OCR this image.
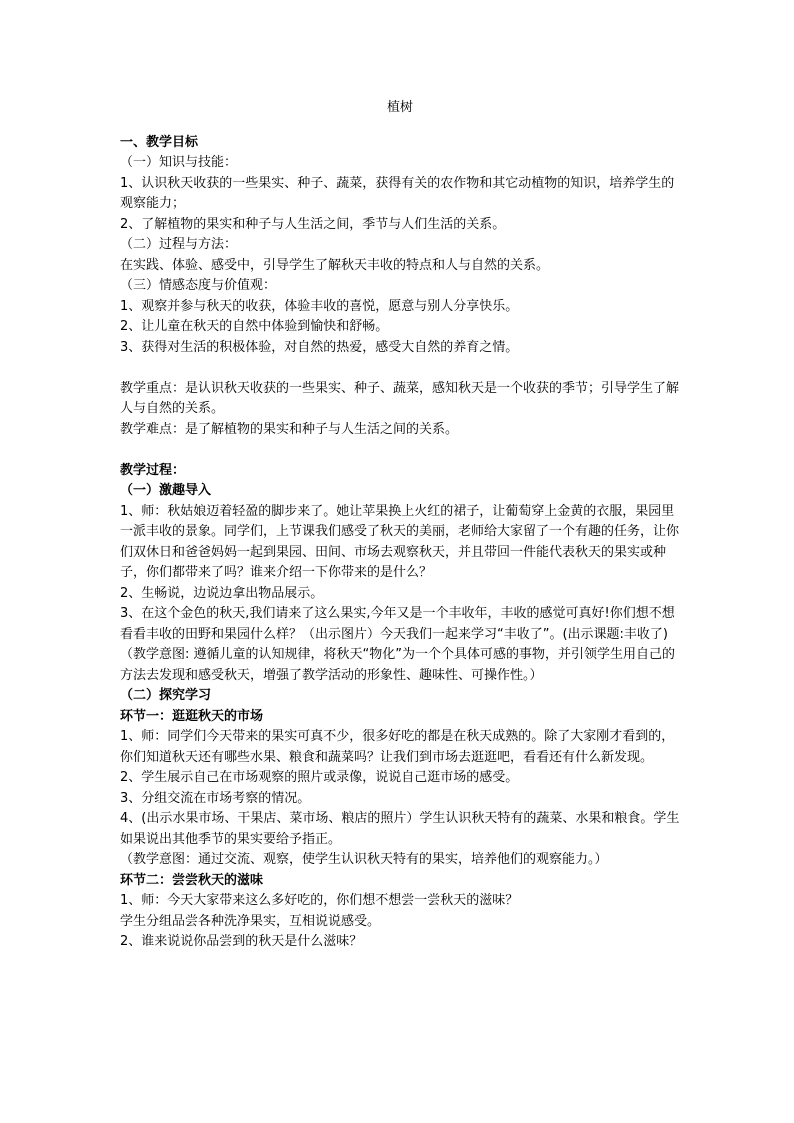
植树

一、教学目标

（一）知识与技能：

1、认识秋天收获的一些果实、种子、蔬菜，获得有关的农作物和其它动植物的知识，培养学生的观察能力；

2、了解植物的果实和种子与人生活之间，季节与人们生活的关系。

（二）过程与方法：

在实践、体验、感受中，引导学生了解秋天丰收的特点和人与自然的关系。

（三）情感态度与价值观：

1、观察并参与秋天的收获，体验丰收的喜悦，愿意与别人分享快乐。

2、让儿童在秋天的自然中体验到愉快和舒畅。

3、获得对生活的积极体验，对自然的热爱，感受大自然的养育之情。

教学重点：是认识秋天收获的一些果实、种子、蔬菜，感知秋天是一个收获的季节；引导学生了解人与自然的关系。

教学难点：是了解植物的果实和种子与人生活之间的关系。

教学过程：

（一）激趣导入

1、师：秋姑娘迈着轻盈的脚步来了。她让苹果换上火红的裙子，让葡萄穿上金黄的衣服，果园里一派丰收的景象。同学们，上节课我们感受了秋天的美丽，老师给大家留了一个有趣的任务，让你们双休日和爸爸妈妈一起到果园、田间、市场去观察秋天，并且带回一件能代表秋天的果实或种子，你们都带来了吗？谁来介绍一下你带来的是什么？

2、生畅说，边说边拿出物品展示。

3、在这个金色的秋天,我们请来了这么果实,今年又是一个丰收年，丰收的感觉可真好!你们想不想看看丰收的田野和果园什么样？（出示图片）今天我们一起来学习“丰收了”。(出示课题:丰收了)

（教学意图: 遵循儿童的认知规律，将秋天“物化”为一个个具体可感的事物，并引领学生用自己的方法去发现和感受秋天，增强了教学活动的形象性、趣味性、可操作性。）

（二）探究学习

环节一：逛逛秋天的市场

1、师：同学们今天带来的果实可真不少，很多好吃的都是在秋天成熟的。除了大家刚才看到的，你们知道秋天还有哪些水果、粮食和蔬菜吗？让我们到市场去逛逛吧，看看还有什么新发现。

2、学生展示自己在市场观察的照片或录像，说说自己逛市场的感受。

3、分组交流在市场考察的情况。

4、(出示水果市场、干果店、菜市场、粮店的照片）学生认识秋天特有的蔬菜、水果和粮食。学生如果说出其他季节的果实要给予指正。

（教学意图：通过交流、观察，使学生认识秋天特有的果实，培养他们的观察能力。）

环节二：尝尝秋天的滋味

1、师：今天大家带来这么多好吃的，你们想不想尝一尝秋天的滋味？

学生分组品尝各种洗净果实，互相说说感受。

2、谁来说说你品尝到的秋天是什么滋味？
